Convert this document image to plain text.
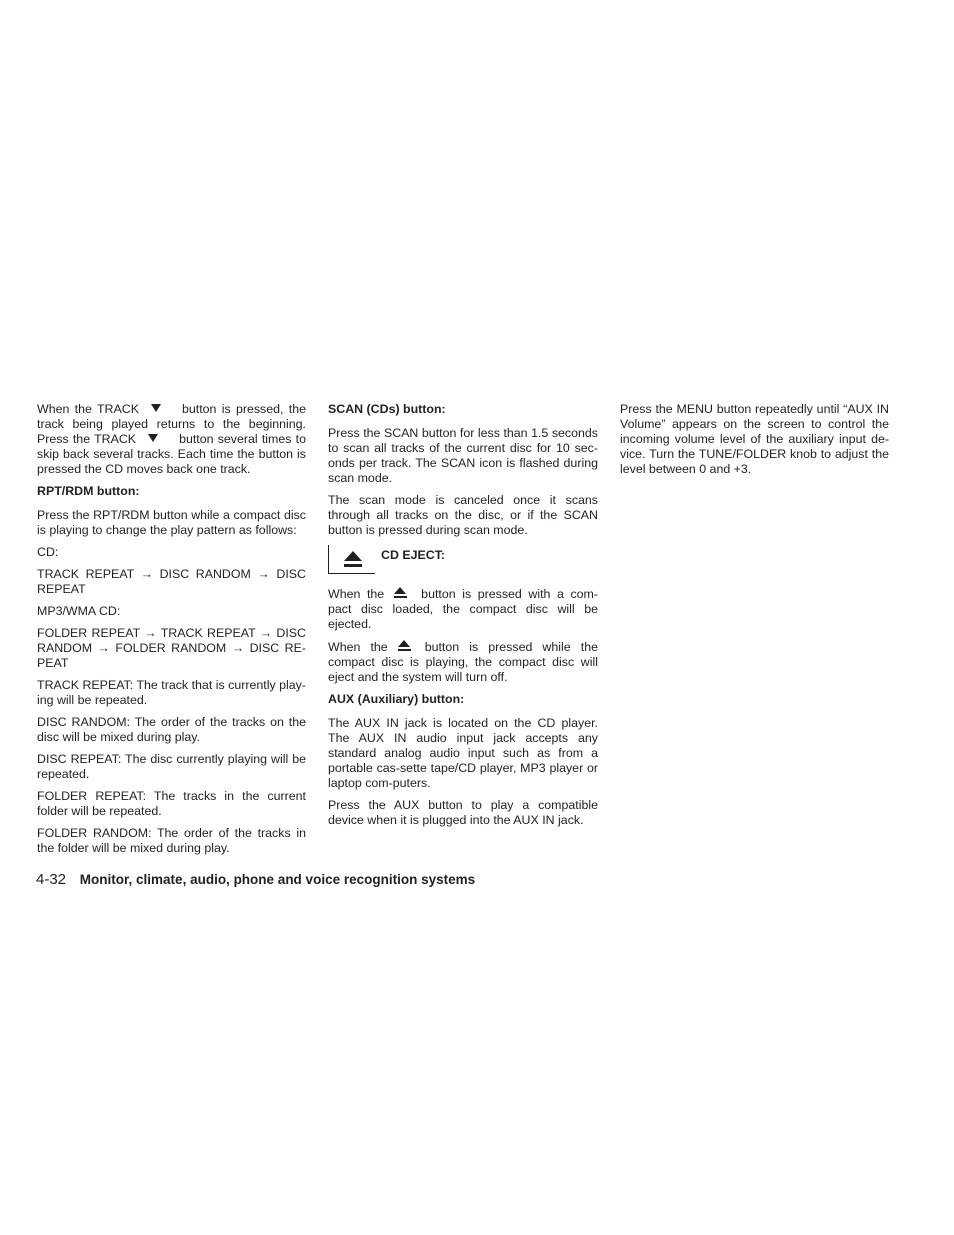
When the TRACK	button is pressed, the track being played returns to the beginning. Press the TRACK	button several times to skip back several tracks. Each time the button is pressed the CD moves back one track.

RPT/RDM button:

Press the RPT/RDM button while a compact disc is playing to change the play pattern as follows:

CD:

TRACK REPEAT → DISC RANDOM → DISC REPEAT

MP3/WMA CD:

FOLDER REPEAT → TRACK REPEAT → DISC RANDOM → FOLDER RANDOM → DISC RE-PEAT

TRACK REPEAT: The track that is currently play-ing will be repeated.

DISC RANDOM: The order of the tracks on the disc will be mixed during play.

DISC REPEAT: The disc currently playing will be repeated.

FOLDER REPEAT: The tracks in the current folder will be repeated.

FOLDER RANDOM: The order of the tracks in the folder will be mixed during play.

SCAN (CDs) button:

Press the SCAN button for less than 1.5 seconds to scan all tracks of the current disc for 10 sec-onds per track. The SCAN icon is flashed during scan mode.

The scan mode is canceled once it scans through all tracks on the disc, or if the SCAN button is pressed during scan mode.

CD EJECT:

When the	button is pressed with a com-pact disc loaded, the compact disc will be ejected.

When the	button is pressed while the compact disc is playing, the compact disc will eject and the system will turn off.

AUX (Auxiliary) button:

The AUX IN jack is located on the CD player. The AUX IN audio input jack accepts any standard analog audio input such as from a portable cas-sette tape/CD player, MP3 player or laptop com-puters.

Press the AUX button to play a compatible device when it is plugged into the AUX IN jack.

Press the MENU button repeatedly until “AUX IN Volume” appears on the screen to control the incoming volume level of the auxiliary input de-vice. Turn the TUNE/FOLDER knob to adjust the level between 0 and +3.

4-32 Monitor, climate, audio, phone and voice recognition systems
